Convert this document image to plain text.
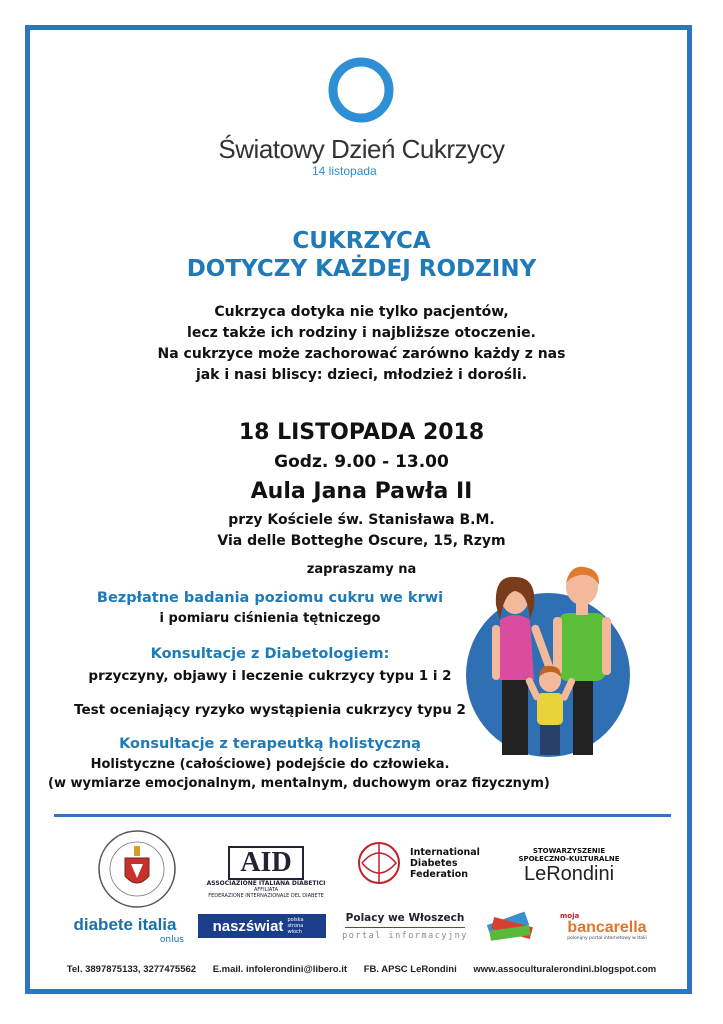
Światowy Dzień Cukrzycy
14 listopada
CUKRZYCA
DOTYCZY KAŻDEJ RODZINY
Cukrzyca dotyka nie tylko pacjentów,
lecz także ich rodziny i najbliższe otoczenie.
Na cukrzyce może zachorować zarówno każdy z nas
jak i nasi bliscy: dzieci, młodzież i dorośli.
18 LISTOPADA 2018
Godz. 9.00 - 13.00
Aula Jana Pawła II
przy Kościele św. Stanisława B.M.
Via delle Botteghe Oscure, 15, Rzym
zapraszamy na
Bezpłatne badania poziomu cukru we krwi
i pomiaru ciśnienia tętniczego
Konsultacje z Diabetologiem:
przyczyny, objawy i leczenie cukrzycy typu 1 i 2
Test oceniający ryzyko wystąpienia cukrzycy typu 2
Konsultacje z terapeutką holistyczną
Holistyczne (całościowe) podejście do człowieka.
(w wymiarze emocjonalnym, mentalnym, duchowym oraz fizycznym)
AID
ASSOCIAZIONE ITALIANA DIABETICI
AFFILIATA
FEDERAZIONE INTERNAZIONALE DEL DIABETE
International
Diabetes
Federation
STOWARZYSZENIE
SPOŁECZNO-KULTURALNE
LeRondini
diabete italia
onlus
naszświat polska strona włoch
Polacy we Włoszech
portal informacyjny
moja
bancarella
polonijny portal internetowy w Italii
Tel. 3897875133, 3277475562 E.mail. infolerondini@libero.it FB. APSC LeRondini www.assoculturalerondini.blogspot.com
